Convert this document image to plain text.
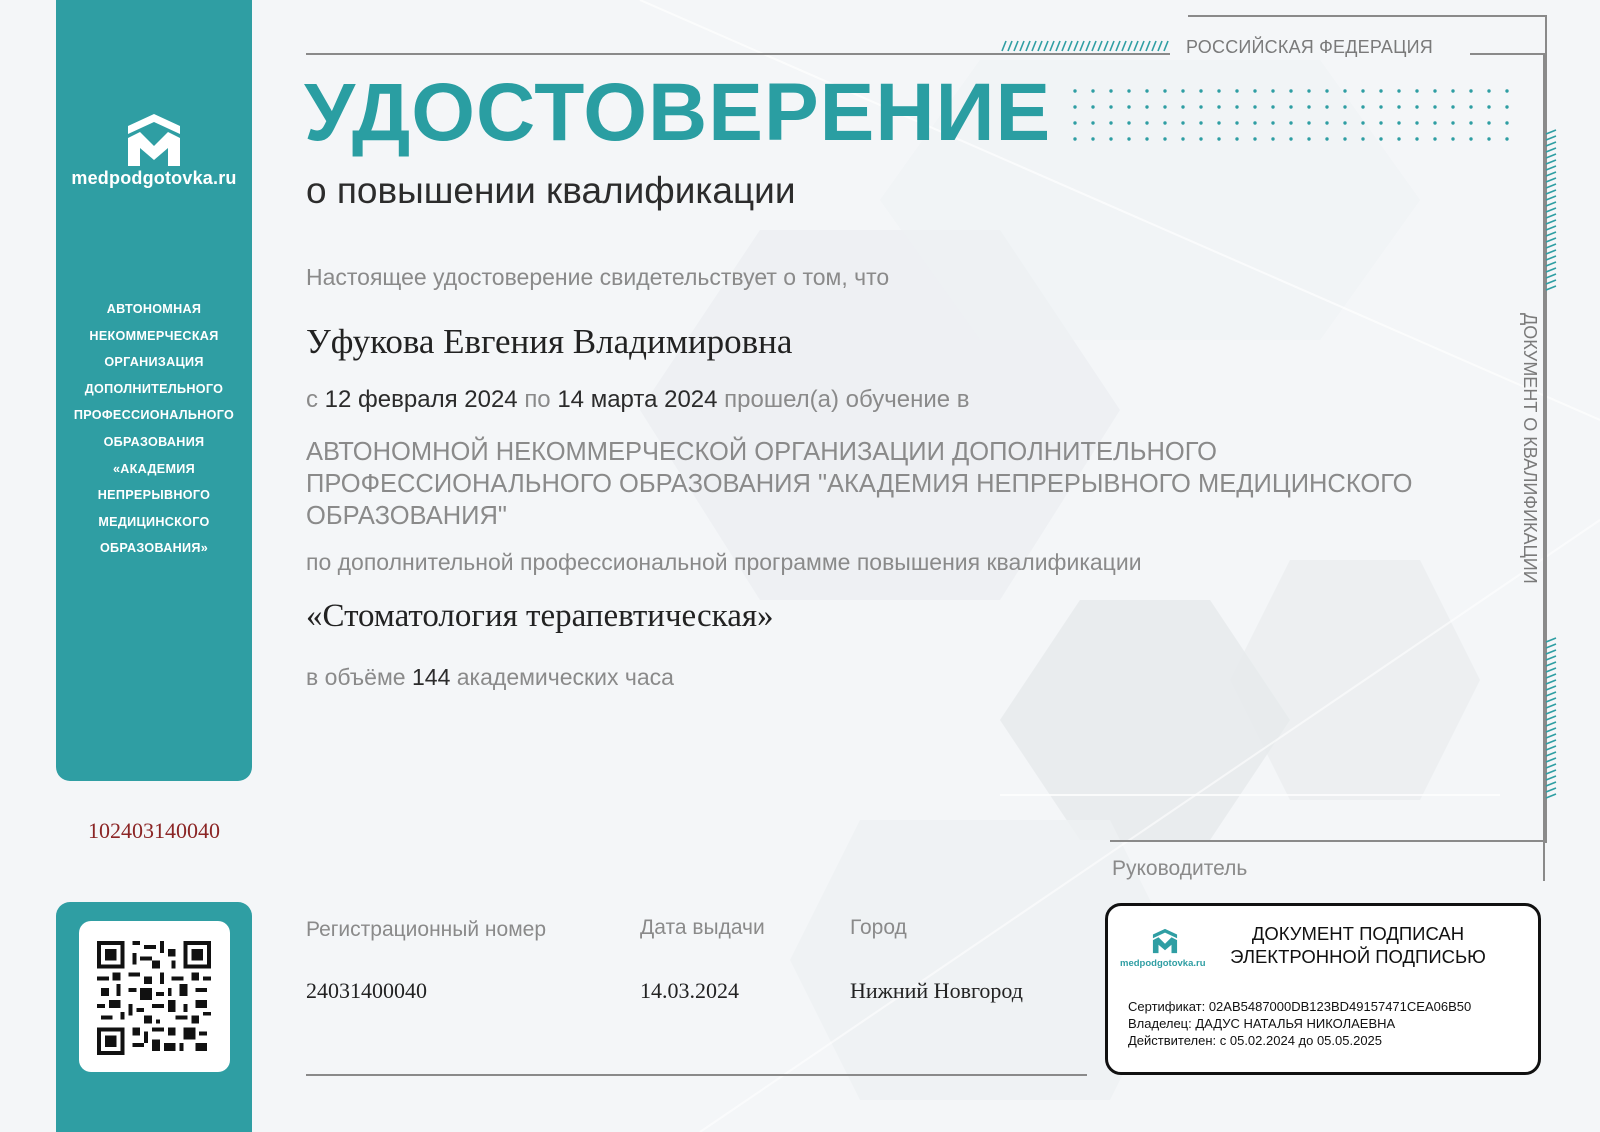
medpodgotovka.ru
АВТОНОМНАЯ
НЕКОММЕРЧЕСКАЯ
ОРГАНИЗАЦИЯ
ДОПОЛНИТЕЛЬНОГО
ПРОФЕССИОНАЛЬНОГО
ОБРАЗОВАНИЯ
«АКАДЕМИЯ
НЕПРЕРЫВНОГО
МЕДИЦИНСКОГО
ОБРАЗОВАНИЯ»
102403140040
РОССИЙСКАЯ ФЕДЕРАЦИЯ
УДОСТОВЕРЕНИЕ
о повышении квалификации
ДОКУМЕНТ О КВАЛИФИКАЦИИ
Настоящее удостоверение свидетельствует о том, что
Уфукова Евгения Владимировна
с 12 февраля 2024 по 14 марта 2024 прошел(а) обучение в
АВТОНОМНОЙ НЕКОММЕРЧЕСКОЙ ОРГАНИЗАЦИИ ДОПОЛНИТЕЛЬНОГО ПРОФЕССИОНАЛЬНОГО ОБРАЗОВАНИЯ "АКАДЕМИЯ НЕПРЕРЫВНОГО МЕДИЦИНСКОГО ОБРАЗОВАНИЯ"
по дополнительной профессиональной программе повышения квалификации
«Стоматология терапевтическая»
в объёме 144 академических часа
Регистрационный номер
24031400040
Дата выдачи
14.03.2024
Город
Нижний Новгород
Руководитель
medpodgotovka.ru
ДОКУМЕНТ ПОДПИСАН
ЭЛЕКТРОННОЙ ПОДПИСЬЮ
Сертификат: 02AB5487000DB123BD49157471CEA06B50
Владелец: ДАДУС НАТАЛЬЯ НИКОЛАЕВНА
Действителен: с 05.02.2024 до 05.05.2025
